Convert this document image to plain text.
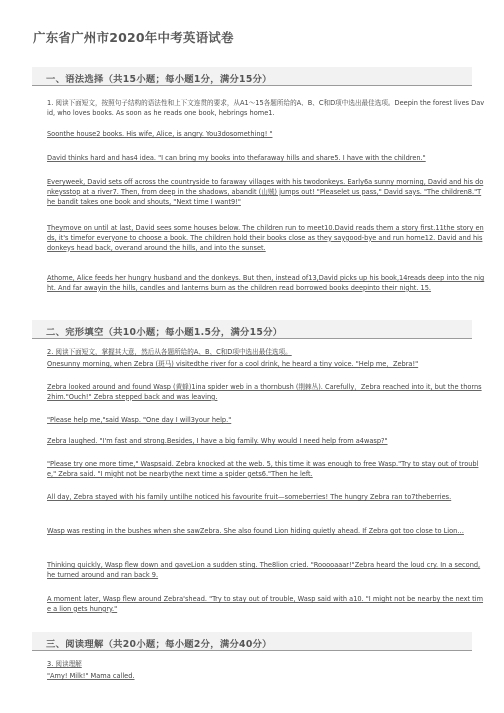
广东省广州市2020年中考英语试卷
一、语法选择（共15小题；每小题1分，满分15分）
1. 阅读下面短文，按照句子结构的语法性和上下文连贯的要求，从A1～15各题所给的A、B、C和D项中选出最佳选项。Deepin the forest lives David, who loves books. As soon as he reads one book, hebrings home1.
Soonthe house2 books. His wife, Alice, is angry. You3dosomething! "
David thinks hard and has4 idea. "I can bring my books into thefaraway hills and share5. I have with the children."
Everyweek, David sets off across the countryside to faraway villages with his twodonkeys. Early6a sunny morning, David and his donkeysstop at a river7. Then, from deep in the shadows, abandit (山贼) jumps out! "Pleaselet us pass," David says. "The children8."The bandit takes one book and shouts, "Next time I want9!"
Theymove on until at last, David sees some houses below. The children run to meet10.David reads them a story first.11the story ends, it's timefor everyone to choose a book. The children hold their books close as they saygood-bye and run home12. David and his donkeys head back, overand around the hills, and into the sunset.
Athome, Alice feeds her hungry husband and the donkeys. But then, instead of13,David picks up his book,14reads deep into the night. And far awayin the hills, candles and lanterns burn as the children read borrowed books deepinto their night. 15.
二、完形填空（共10小题；每小题1.5分，满分15分）
2. 阅读下面短文，掌握其大意，然后从各题所给的A、B、C和D项中选出最佳选项。
Onesunny morning, when Zebra (斑马) visitedthe river for a cool drink, he heard a tiny voice. "Help me，Zebra!"
Zebra looked around and found Wasp (黄蜂)1ina spider web in a thornbush (荆棘丛). Carefully，Zebra reached into it, but the thorns2him."Ouch!" Zebra stepped back and was leaving.
"Please help me,"said Wasp. "One day I will3your help."
Zebra laughed. "I'm fast and strong.Besides, I have a big family. Why would I need help from a4wasp?"
"Please try one more time," Waspsaid. Zebra knocked at the web. 5, this time it was enough to free Wasp."Try to stay out of trouble," Zebra said. "I might not be nearbythe next time a spider gets6."Then he left.
All day, Zebra stayed with his family untilhe noticed his favourite fruit—someberries! The hungry Zebra ran to7theberries.
Wasp was resting in the bushes when she sawZebra. She also found Lion hiding quietly ahead. If Zebra got too close to Lion…
Thinking quickly, Wasp flew down and gaveLion a sudden sting. The8lion cried. "Rooooaaar!"Zebra heard the loud cry. In a second, he turned around and ran back 9.
A moment later, Wasp flew around Zebra'shead. "Try to stay out of trouble, Wasp said with a10. "I might not be nearby the next time a lion gets hungry."
三、阅读理解（共20小题；每小题2分，满分40分）
3. 阅读理解
"Amy! Milk!" Mama called.
